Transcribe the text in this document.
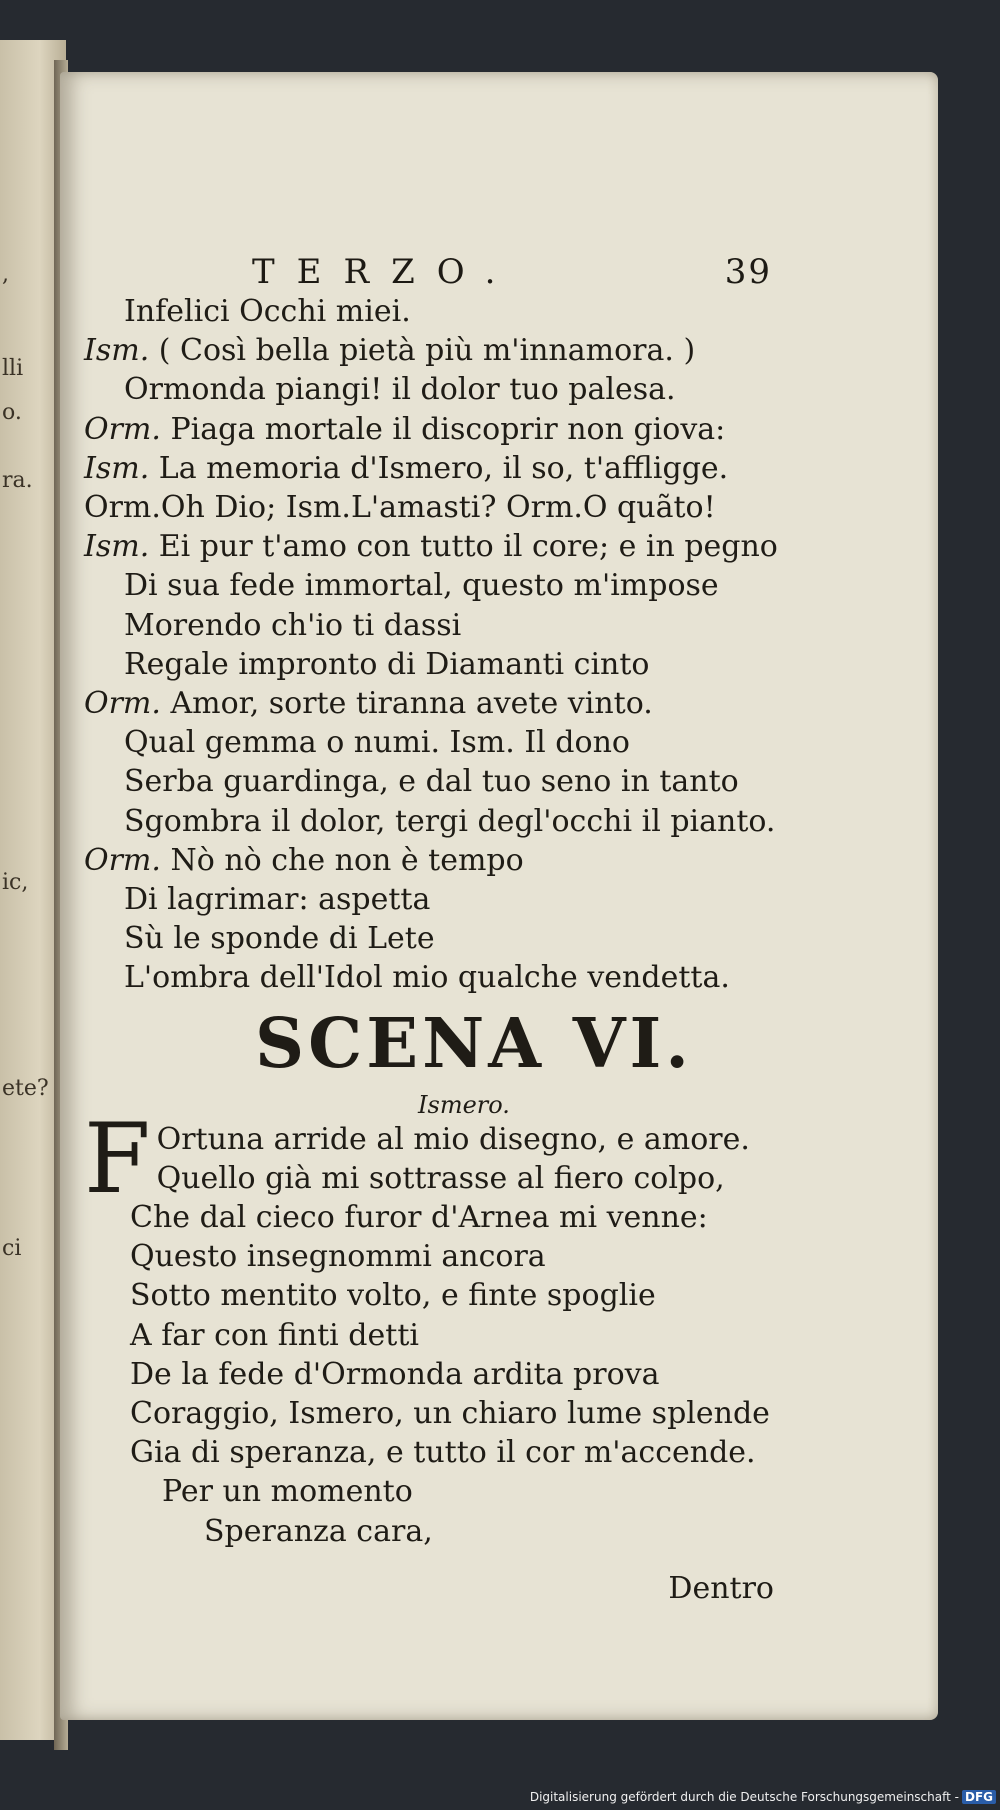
,
lli
o.
ra.
ic,
ete?
ci
TERZO.	39
Infelici Occhi miei.
Ism. ( Così bella pietà più m'innamora. )
Ormonda piangi! il dolor tuo palesa.
Orm. Piaga mortale il discoprir non giova:
Ism. La memoria d'Ismero, il so, t'affligge.
Orm.Oh Dio; Ism.L'amasti? Orm.O quãto!
Ism. Ei pur t'amo con tutto il core; e in pegno
Di sua fede immortal, questo m'impose
Morendo ch'io ti dassi
Regale impronto di Diamanti cinto
Orm. Amor, sorte tiranna avete vinto.
Qual gemma o numi. Ism. Il dono
Serba guardinga, e dal tuo seno in tanto
Sgombra il dolor, tergi degl'occhi il pianto.
Orm. Nò nò che non è tempo
Di lagrimar: aspetta
Sù le sponde di Lete
L'ombra dell'Idol mio qualche vendetta.
SCENA VI.
Ismero.
F Ortuna arride al mio disegno, e amore.
Quello già mi sottrasse al fiero colpo,
Che dal cieco furor d'Arnea mi venne:
Questo insegnommi ancora
Sotto mentito volto, e finte spoglie
A far con finti detti
De la fede d'Ormonda ardita prova
Coraggio, Ismero, un chiaro lume splende
Gia di speranza, e tutto il cor m'accende.
Per un momento
Speranza cara,
Dentro
Digitalisierung gefördert durch die Deutsche Forschungsgemeinschaft - DFG
